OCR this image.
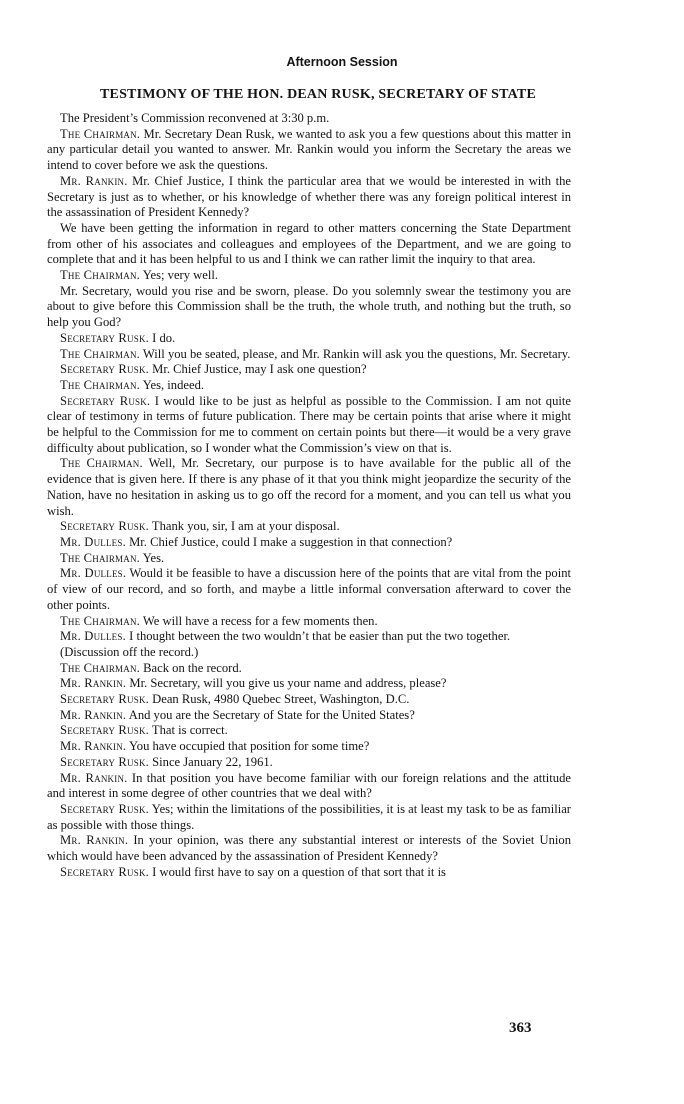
Afternoon Session
TESTIMONY OF THE HON. DEAN RUSK, SECRETARY OF STATE

The President’s Commission reconvened at 3:30 p.m.

The Chairman. Mr. Secretary Dean Rusk, we wanted to ask you a few questions about this matter in any particular detail you wanted to answer. Mr. Rankin would you inform the Secretary the areas we intend to cover before we ask the questions.

Mr. Rankin. Mr. Chief Justice, I think the particular area that we would be interested in with the Secretary is just as to whether, or his knowledge of whether there was any foreign political interest in the assassination of President Kennedy?

We have been getting the information in regard to other matters concerning the State Department from other of his associates and colleagues and employees of the Department, and we are going to complete that and it has been helpful to us and I think we can rather limit the inquiry to that area.

The Chairman. Yes; very well.

Mr. Secretary, would you rise and be sworn, please. Do you solemnly swear the testimony you are about to give before this Commission shall be the truth, the whole truth, and nothing but the truth, so help you God?

Secretary Rusk. I do.

The Chairman. Will you be seated, please, and Mr. Rankin will ask you the questions, Mr. Secretary.

Secretary Rusk. Mr. Chief Justice, may I ask one question?

The Chairman. Yes, indeed.

Secretary Rusk. I would like to be just as helpful as possible to the Commission. I am not quite clear of testimony in terms of future publication. There may be certain points that arise where it might be helpful to the Commission for me to comment on certain points but there—it would be a very grave difficulty about publication, so I wonder what the Commission’s view on that is.

The Chairman. Well, Mr. Secretary, our purpose is to have available for the public all of the evidence that is given here. If there is any phase of it that you think might jeopardize the security of the Nation, have no hesitation in asking us to go off the record for a moment, and you can tell us what you wish.

Secretary Rusk. Thank you, sir, I am at your disposal.

Mr. Dulles. Mr. Chief Justice, could I make a suggestion in that connection?

The Chairman. Yes.

Mr. Dulles. Would it be feasible to have a discussion here of the points that are vital from the point of view of our record, and so forth, and maybe a little informal conversation afterward to cover the other points.

The Chairman. We will have a recess for a few moments then.

Mr. Dulles. I thought between the two wouldn’t that be easier than put the two together.

(Discussion off the record.)

The Chairman. Back on the record.

Mr. Rankin. Mr. Secretary, will you give us your name and address, please?

Secretary Rusk. Dean Rusk, 4980 Quebec Street, Washington, D.C.

Mr. Rankin. And you are the Secretary of State for the United States?

Secretary Rusk. That is correct.

Mr. Rankin. You have occupied that position for some time?

Secretary Rusk. Since January 22, 1961.

Mr. Rankin. In that position you have become familiar with our foreign relations and the attitude and interest in some degree of other countries that we deal with?

Secretary Rusk. Yes; within the limitations of the possibilities, it is at least my task to be as familiar as possible with those things.

Mr. Rankin. In your opinion, was there any substantial interest or interests of the Soviet Union which would have been advanced by the assassination of President Kennedy?

Secretary Rusk. I would first have to say on a question of that sort that it is

363
